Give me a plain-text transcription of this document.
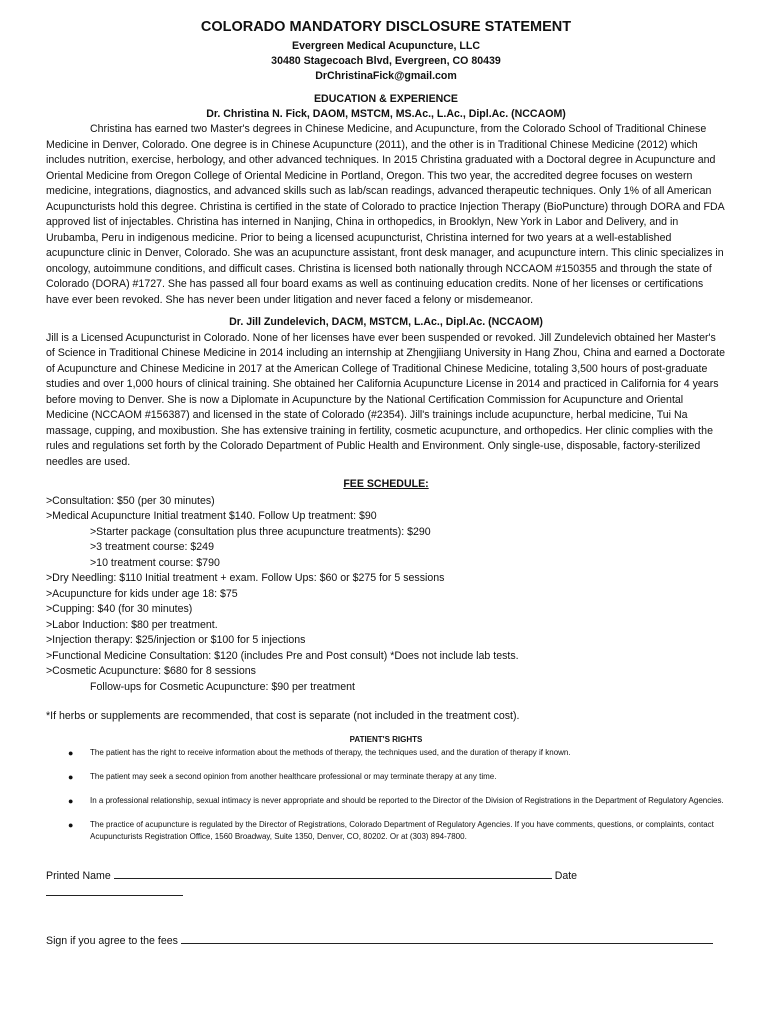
COLORADO MANDATORY DISCLOSURE STATEMENT
Evergreen Medical Acupuncture, LLC
30480 Stagecoach Blvd, Evergreen, CO 80439
DrChristinaFick@gmail.com
EDUCATION & EXPERIENCE
Dr. Christina N. Fick, DAOM, MSTCM, MS.Ac., L.Ac., Dipl.Ac. (NCCAOM)

Christina has earned two Master's degrees in Chinese Medicine, and Acupuncture, from the Colorado School of Traditional Chinese Medicine in Denver, Colorado. One degree is in Chinese Acupuncture (2011), and the other is in Traditional Chinese Medicine (2012) which includes nutrition, exercise, herbology, and other advanced techniques. In 2015 Christina graduated with a Doctoral degree in Acupuncture and Oriental Medicine from Oregon College of Oriental Medicine in Portland, Oregon. This two year, the accredited degree focuses on western medicine, integrations, diagnostics, and advanced skills such as lab/scan readings, advanced therapeutic techniques. Only 1% of all American Acupuncturists hold this degree. Christina is certified in the state of Colorado to practice Injection Therapy (BioPuncture) through DORA and FDA approved list of injectables. Christina has interned in Nanjing, China in orthopedics, in Brooklyn, New York in Labor and Delivery, and in Urubamba, Peru in indigenous medicine. Prior to being a licensed acupuncturist, Christina interned for two years at a well-established acupuncture clinic in Denver, Colorado. She was an acupuncture assistant, front desk manager, and acupuncture intern. This clinic specializes in oncology, autoimmune conditions, and difficult cases. Christina is licensed both nationally through NCCAOM #150355 and through the state of Colorado (DORA) #1727. She has passed all four board exams as well as continuing education credits. None of her licenses or certifications have ever been revoked. She has never been under litigation and never faced a felony or misdemeanor.

Dr. Jill Zundelevich, DACM, MSTCM, L.Ac., Dipl.Ac. (NCCAOM)

Jill is a Licensed Acupuncturist in Colorado. None of her licenses have ever been suspended or revoked. Jill Zundelevich obtained her Master's of Science in Traditional Chinese Medicine in 2014 including an internship at Zhengjiiang University in Hang Zhou, China and earned a Doctorate of Acupuncture and Chinese Medicine in 2017 at the American College of Traditional Chinese Medicine, totaling 3,500 hours of post-graduate studies and over 1,000 hours of clinical training. She obtained her California Acupuncture License in 2014 and practiced in California for 4 years before moving to Denver. She is now a Diplomate in Acupuncture by the National Certification Commission for Acupuncture and Oriental Medicine (NCCAOM #156387) and licensed in the state of Colorado (#2354). Jill's trainings include acupuncture, herbal medicine, Tui Na massage, cupping, and moxibustion. She has extensive training in fertility, cosmetic acupuncture, and orthopedics. Her clinic complies with the rules and regulations set forth by the Colorado Department of Public Health and Environment. Only single-use, disposable, factory-sterilized needles are used.

FEE SCHEDULE:
>Consultation: $50 (per 30 minutes)
>Medical Acupuncture Initial treatment $140. Follow Up treatment: $90
>Starter package (consultation plus three acupuncture treatments): $290
>3 treatment course: $249
>10 treatment course: $790
>Dry Needling: $110 Initial treatment + exam. Follow Ups: $60 or $275 for 5 sessions
>Acupuncture for kids under age 18: $75
>Cupping: $40 (for 30 minutes)
>Labor Induction: $80 per treatment.
>Injection therapy: $25/injection or $100 for 5 injections
>Functional Medicine Consultation: $120 (includes Pre and Post consult) *Does not include lab tests.
>Cosmetic Acupuncture: $680 for 8 sessions
Follow-ups for Cosmetic Acupuncture: $90 per treatment
*If herbs or supplements are recommended, that cost is separate (not included in the treatment cost).
PATIENT'S RIGHTS
● The patient has the right to receive information about the methods of therapy, the techniques used, and the duration of therapy if known.
● The patient may seek a second opinion from another healthcare professional or may terminate therapy at any time.
● In a professional relationship, sexual intimacy is never appropriate and should be reported to the Director of the Division of Registrations in the Department of Regulatory Agencies.
● The practice of acupuncture is regulated by the Director of Registrations, Colorado Department of Regulatory Agencies. If you have comments, questions, or complaints, contact Acupuncturists Registration Office, 1560 Broadway, Suite 1350, Denver, CO, 80202. Or at (303) 894-7800.
Printed Name	Date
Sign if you agree to the fees
